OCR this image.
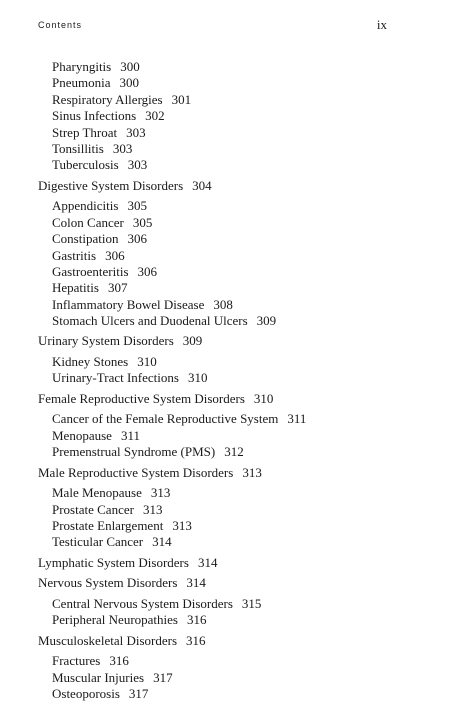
Contents	ix
Pharyngitis 300
Pneumonia 300
Respiratory Allergies 301
Sinus Infections 302
Strep Throat 303
Tonsillitis 303
Tuberculosis 303
Digestive System Disorders 304
Appendicitis 305
Colon Cancer 305
Constipation 306
Gastritis 306
Gastroenteritis 306
Hepatitis 307
Inflammatory Bowel Disease 308
Stomach Ulcers and Duodenal Ulcers 309
Urinary System Disorders 309
Kidney Stones 310
Urinary-Tract Infections 310
Female Reproductive System Disorders 310
Cancer of the Female Reproductive System 311
Menopause 311
Premenstrual Syndrome (PMS) 312
Male Reproductive System Disorders 313
Male Menopause 313
Prostate Cancer 313
Prostate Enlargement 313
Testicular Cancer 314
Lymphatic System Disorders 314
Nervous System Disorders 314
Central Nervous System Disorders 315
Peripheral Neuropathies 316
Musculoskeletal Disorders 316
Fractures 316
Muscular Injuries 317
Osteoporosis 317
